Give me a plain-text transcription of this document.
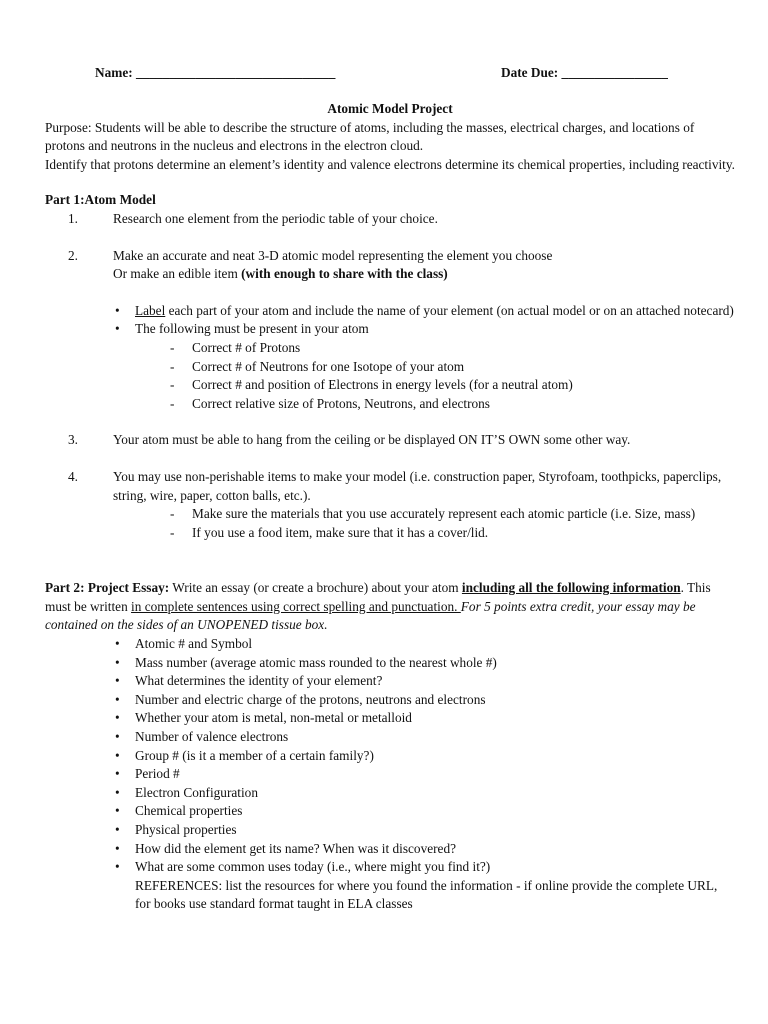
Name: ______________________________	Date Due: ________________
Atomic Model Project

Purpose: Students will be able to describe the structure of atoms, including the masses, electrical charges, and locations of protons and neutrons in the nucleus and electrons in the electron cloud.

Identify that protons determine an element’s identity and valence electrons determine its chemical properties, including reactivity.

Part 1:Atom Model

1.	Research one element from the periodic table of your choice.
2.	Make an accurate and neat 3-D atomic model representing the element you choose
Or make an edible item (with enough to share with the class)
• Label each part of your atom and include the name of your element (on actual model or on an attached notecard)
• The following must be present in your atom
- Correct # of Protons
- Correct # of Neutrons for one Isotope of your atom
- Correct # and position of Electrons in energy levels (for a neutral atom)
- Correct relative size of Protons, Neutrons, and electrons
3.	Your atom must be able to hang from the ceiling or be displayed ON IT’S OWN some other way.
4.	You may use non-perishable items to make your model (i.e. construction paper, Styrofoam, toothpicks, paperclips, string, wire, paper, cotton balls, etc.).
- Make sure the materials that you use accurately represent each atomic particle (i.e. Size, mass)
- If you use a food item, make sure that it has a cover/lid.

Part 2: Project Essay: Write an essay (or create a brochure) about your atom including all the following information. This must be written in complete sentences using correct spelling and punctuation. For 5 points extra credit, your essay may be contained on the sides of an UNOPENED tissue box.

• Atomic # and Symbol
• Mass number (average atomic mass rounded to the nearest whole #)
• What determines the identity of your element?
• Number and electric charge of the protons, neutrons and electrons
• Whether your atom is metal, non-metal or metalloid
• Number of valence electrons
• Group # (is it a member of a certain family?)
• Period #
• Electron Configuration
• Chemical properties
• Physical properties
• How did the element get its name? When was it discovered?
• What are some common uses today (i.e., where might you find it?)
REFERENCES: list the resources for where you found the information - if online provide the complete URL, for books use standard format taught in ELA classes
